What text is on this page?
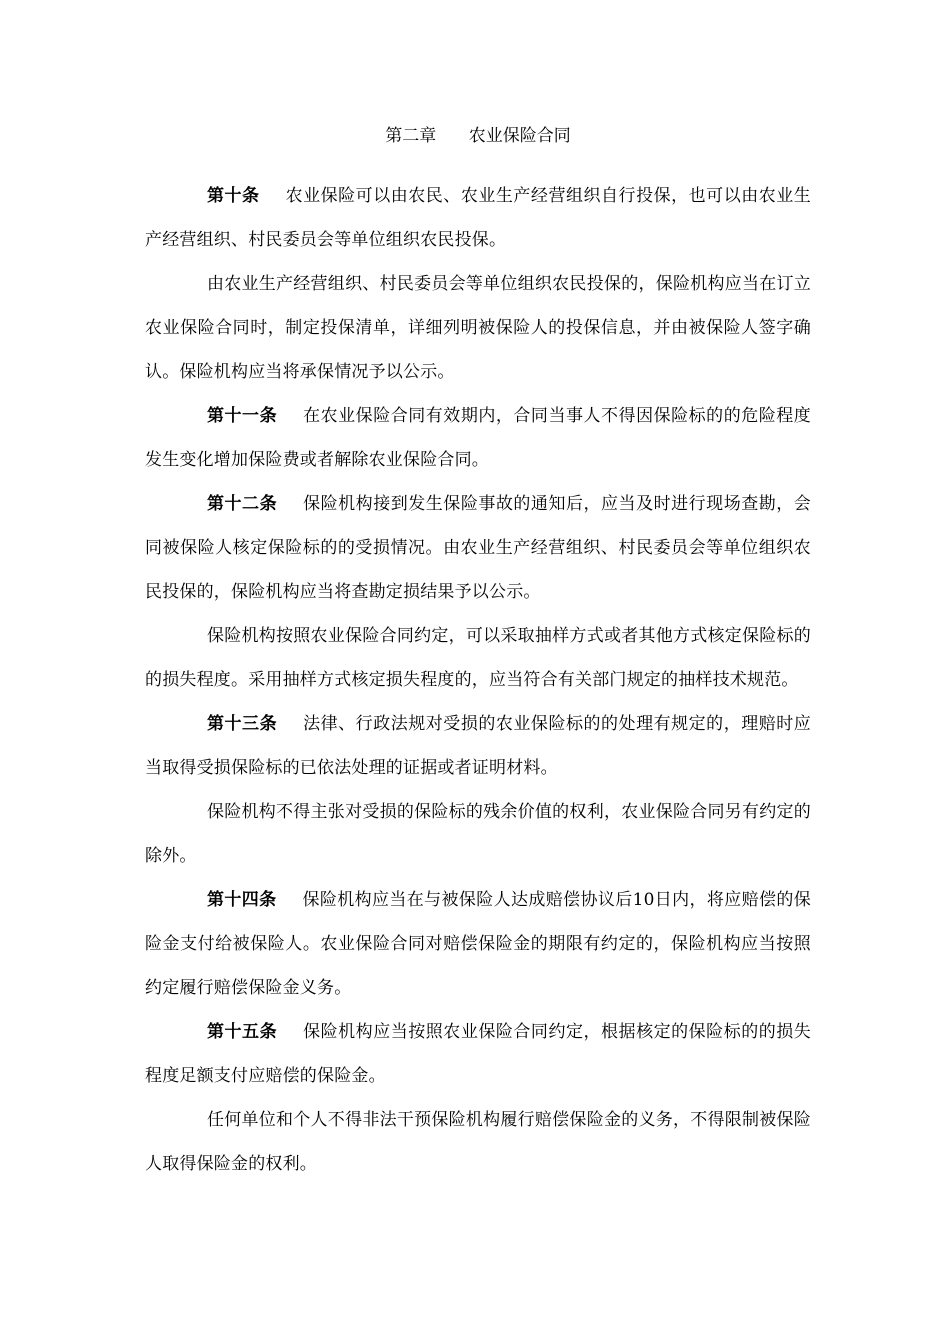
第二章      农业保险合同

第十条 农业保险可以由农民、农业生产经营组织自行投保，也可以由农业生产经营组织、村民委员会等单位组织农民投保。

由农业生产经营组织、村民委员会等单位组织农民投保的，保险机构应当在订立农业保险合同时，制定投保清单，详细列明被保险人的投保信息，并由被保险人签字确认。保险机构应当将承保情况予以公示。

第十一条 在农业保险合同有效期内，合同当事人不得因保险标的的危险程度发生变化增加保险费或者解除农业保险合同。

第十二条 保险机构接到发生保险事故的通知后，应当及时进行现场查勘，会同被保险人核定保险标的的受损情况。由农业生产经营组织、村民委员会等单位组织农民投保的，保险机构应当将查勘定损结果予以公示。

保险机构按照农业保险合同约定，可以采取抽样方式或者其他方式核定保险标的的损失程度。采用抽样方式核定损失程度的，应当符合有关部门规定的抽样技术规范。

第十三条 法律、行政法规对受损的农业保险标的的处理有规定的，理赔时应当取得受损保险标的已依法处理的证据或者证明材料。

保险机构不得主张对受损的保险标的残余价值的权利，农业保险合同另有约定的除外。

第十四条 保险机构应当在与被保险人达成赔偿协议后10日内，将应赔偿的保险金支付给被保险人。农业保险合同对赔偿保险金的期限有约定的，保险机构应当按照约定履行赔偿保险金义务。

第十五条 保险机构应当按照农业保险合同约定，根据核定的保险标的的损失程度足额支付应赔偿的保险金。

任何单位和个人不得非法干预保险机构履行赔偿保险金的义务，不得限制被保险人取得保险金的权利。
